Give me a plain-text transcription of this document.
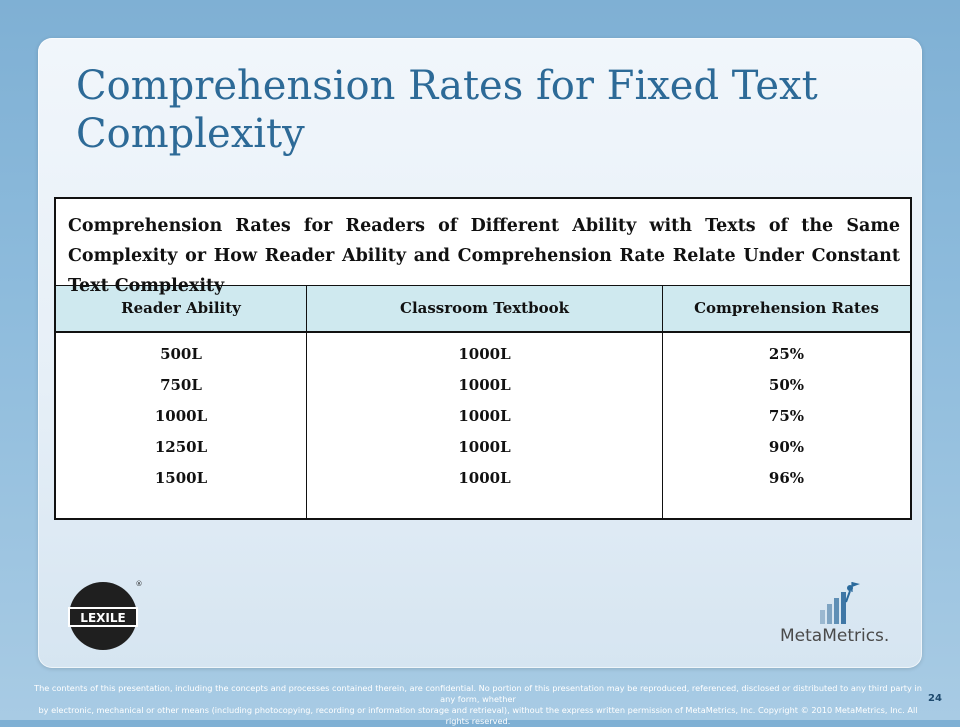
Comprehension Rates for Fixed Text Complexity
Comprehension Rates for Readers of Different Ability with Texts of the Same Complexity or How Reader Ability and Comprehension Rate Relate Under Constant Text Complexity
Reader Ability	Classroom Textbook	Comprehension Rates
500L
750L
1000L
1250L
1500L
1000L
1000L
1000L
1000L
1000L
25%
50%
75%
90%
96%
LEXILE
®
MetaMetrics.
The contents of this presentation, including the concepts and processes contained therein, are confidential. No portion of this presentation may be reproduced, referenced, disclosed or distributed to any third party in any form, whether
by electronic, mechanical or other means (including photocopying, recording or information storage and retrieval), without the express written permission of MetaMetrics, Inc. Copyright © 2010 MetaMetrics, Inc. All rights reserved.
24
